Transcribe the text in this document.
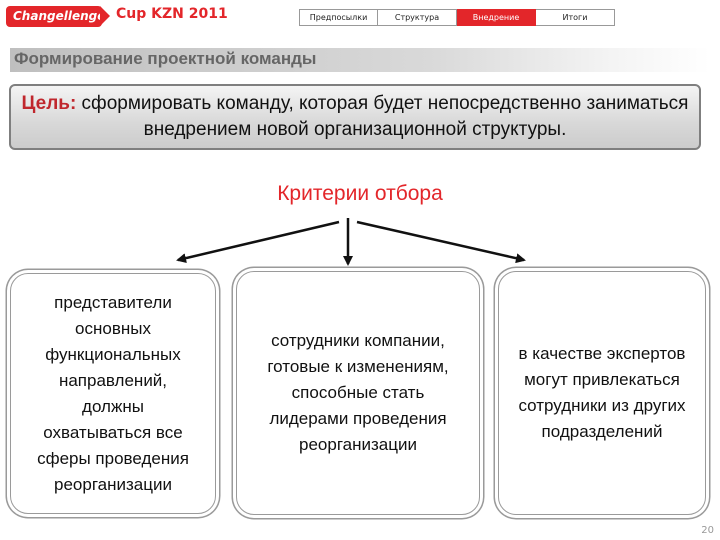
Changellenge Cup KZN 2011	Предпосылки	Структура	Внедрение	Итоги
Формирование проектной команды
Цель: сформировать команду, которая будет непосредственно заниматься внедрением новой организационной структуры.
Критерии отбора
представители основных функциональных направлений, должны охватываться все сферы проведения реорганизации
сотрудники компании, готовые к изменениям, способные стать лидерами проведения реорганизации
в качестве экспертов могут привлекаться сотрудники из других подразделений
20
